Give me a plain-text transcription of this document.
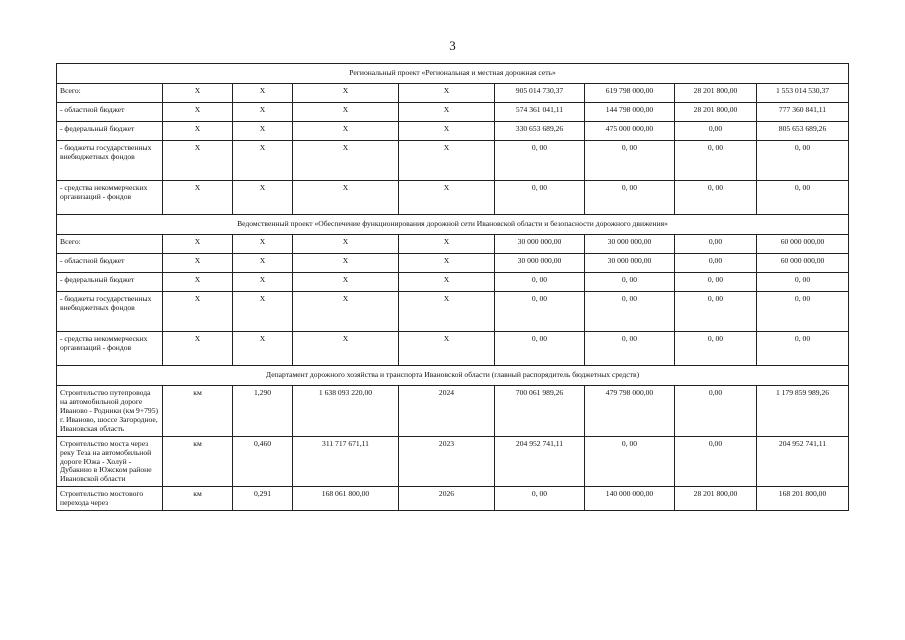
3
Региональный проект «Региональная и местная дорожная сеть»								
Всего:	X	X	X	X	905 014 730,37	619 798 000,00	28 201 800,00	1 553 014 530,37
- областной бюджет	X	X	X	X	574 361 041,11	144 798 000,00	28 201 800,00	777 360 841,11
- федеральный бюджет	X	X	X	X	330 653 689,26	475 000 000,00	0,00	805 653 689,26
- бюджеты государственных внебюджетных фондов	X	X	X	X	0, 00	0, 00	0, 00	0, 00
- средства некоммерческих организаций - фондов	X	X	X	X	0, 00	0, 00	0, 00	0, 00
Ведомственный проект «Обеспечение функционирования дорожной сети Ивановской области и безопасности дорожного движения»								
Всего:	X	X	X	X	30 000 000,00	30 000 000,00	0,00	60 000 000,00
- областной бюджет	X	X	X	X	30 000 000,00	30 000 000,00	0,00	60 000 000,00
- федеральный бюджет	X	X	X	X	0, 00	0, 00	0, 00	0, 00
- бюджеты государственных внебюджетных фондов	X	X	X	X	0, 00	0, 00	0, 00	0, 00
- средства некоммерческих организаций - фондов	X	X	X	X	0, 00	0, 00	0, 00	0, 00
Департамент дорожного хозяйства и транспорта Ивановской области (главный распорядитель бюджетных средств)								
Строительство путепровода на автомобильной дороге Иваново - Родники (км 9+795) г. Иваново, шоссе Загородное, Ивановская область	км	1,290	1 638 093 220,00	2024	700 061 989,26	479 798 000,00	0,00	1 179 859 989,26
Строительство моста через реку Теза на автомобильной дороге Южа - Холуй - Дубакино в Южском районе Ивановской области	км	0,460	311 717 671,11	2023	204 952 741,11	0, 00	0,00	204 952 741,11
Строительство мостового перехода через	км	0,291	168 061 800,00	2026	0, 00	140 000 000,00	28 201 800,00	168 201 800,00
